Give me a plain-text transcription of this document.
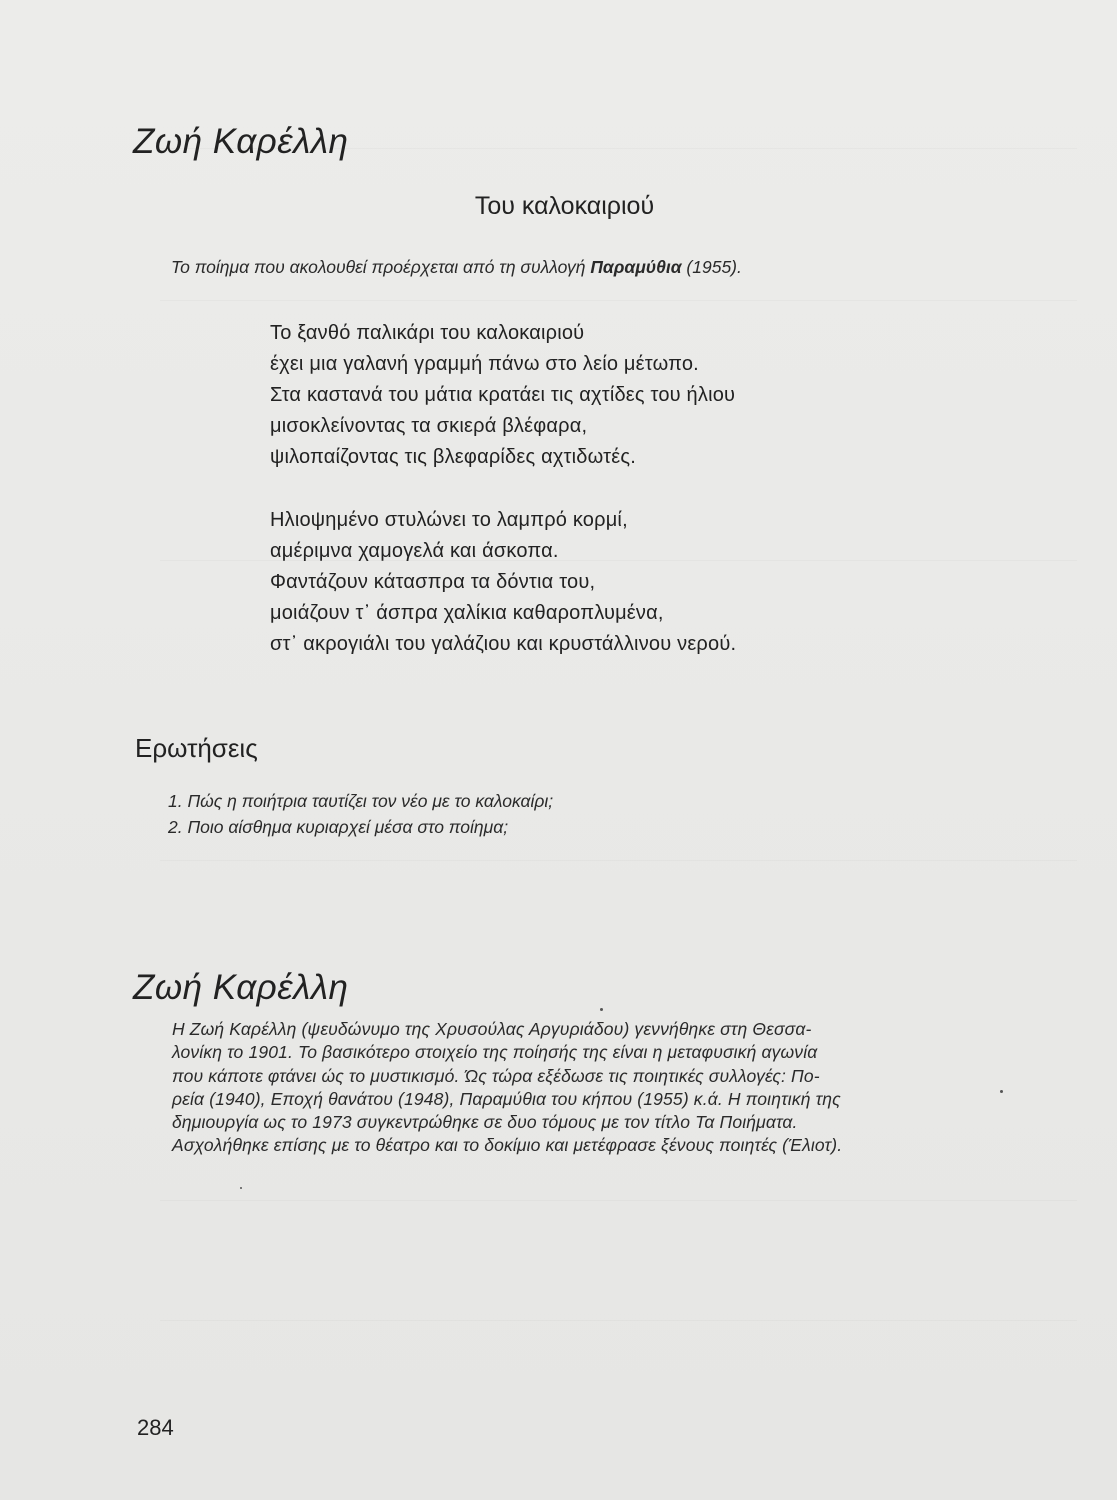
Ζωή Καρέλλη
Του καλοκαιριού

Το ποίημα που ακολουθεί προέρχεται από τη συλλογή Παραμύθια (1955).

Το ξανθό παλικάρι του καλοκαιριού
έχει μια γαλανή γραμμή πάνω στο λείο μέτωπο.
Στα καστανά του μάτια κρατάει τις αχτίδες του ήλιου
μισοκλείνοντας τα σκιερά βλέφαρα,
ψιλοπαίζοντας τις βλεφαρίδες αχτιδωτές.
Ηλιοψημένο στυλώνει το λαμπρό κορμί,
αμέριμνα χαμογελά και άσκοπα.
Φαντάζουν κάτασπρα τα δόντια του,
μοιάζουν τ᾿ άσπρα χαλίκια καθαροπλυμένα,
στ᾿ ακρογιάλι του γαλάζιου και κρυστάλλινου νερού.
Ερωτήσεις
1. Πώς η ποιήτρια ταυτίζει τον νέο με το καλοκαίρι;
2. Ποιο αίσθημα κυριαρχεί μέσα στο ποίημα;
Ζωή Καρέλλη
Η Ζωή Καρέλλη (ψευδώνυμο της Χρυσούλας Αργυριάδου) γεννήθηκε στη Θεσσα-
λονίκη το 1901. Το βασικότερο στοιχείο της ποίησής της είναι η μεταφυσική αγωνία
που κάποτε φτάνει ώς το μυστικισμό. Ώς τώρα εξέδωσε τις ποιητικές συλλογές: Πο-
ρεία (1940), Εποχή θανάτου (1948), Παραμύθια του κήπου (1955) κ.ά. Η ποιητική της
δημιουργία ως το 1973 συγκεντρώθηκε σε δυο τόμους με τον τίτλο Τα Ποιήματα.
Ασχολήθηκε επίσης με το θέατρο και το δοκίμιο και μετέφρασε ξένους ποιητές (Έλιοτ).

284
